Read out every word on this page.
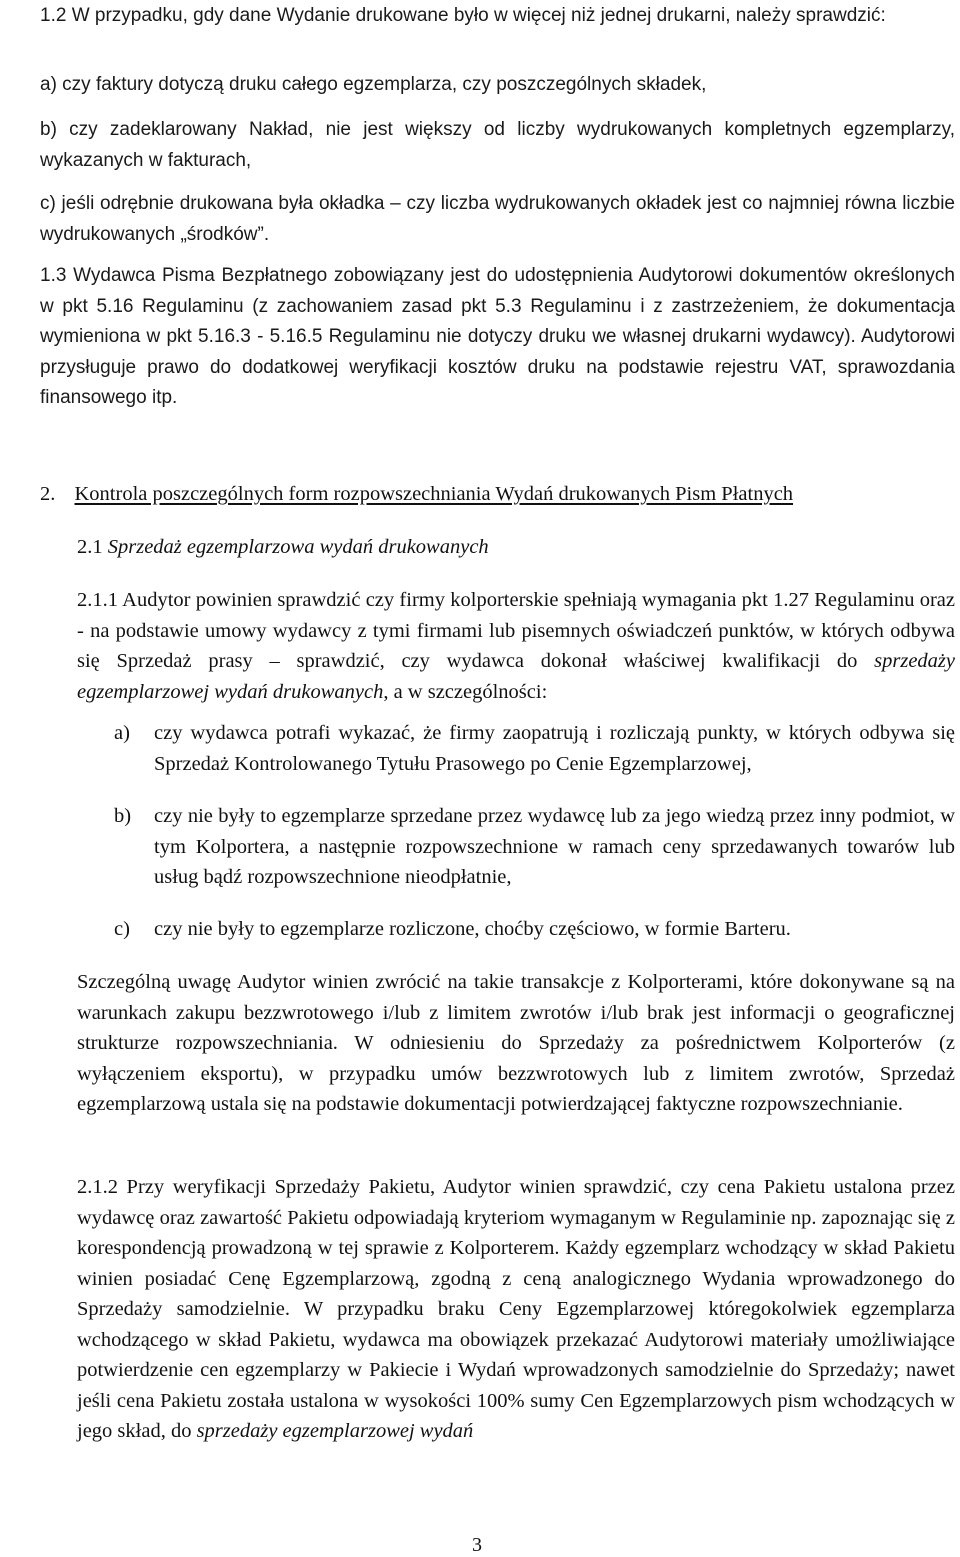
1.2 W przypadku, gdy dane Wydanie drukowane było w więcej niż jednej drukarni, należy sprawdzić:

a) czy faktury dotyczą druku całego egzemplarza, czy poszczególnych składek,

b) czy zadeklarowany Nakład, nie jest większy od liczby wydrukowanych kompletnych egzemplarzy, wykazanych w fakturach,

c) jeśli odrębnie drukowana była okładka – czy liczba wydrukowanych okładek jest co najmniej równa liczbie wydrukowanych „środków”.

1.3 Wydawca Pisma Bezpłatnego zobowiązany jest do udostępnienia Audytorowi dokumentów określonych w pkt 5.16 Regulaminu (z zachowaniem zasad pkt 5.3 Regulaminu i z zastrzeżeniem, że dokumentacja wymieniona w pkt 5.16.3 - 5.16.5 Regulaminu nie dotyczy druku we własnej drukarni wydawcy). Audytorowi przysługuje prawo do dodatkowej weryfikacji kosztów druku na podstawie rejestru VAT, sprawozdania finansowego itp.

2. Kontrola poszczególnych form rozpowszechniania Wydań drukowanych Pism Płatnych
2.1 Sprzedaż egzemplarzowa wydań drukowanych

2.1.1 Audytor powinien sprawdzić czy firmy kolporterskie spełniają wymagania pkt 1.27 Regulaminu oraz - na podstawie umowy wydawcy z tymi firmami lub pisemnych oświadczeń punktów, w których odbywa się Sprzedaż prasy – sprawdzić, czy wydawca dokonał właściwej kwalifikacji do sprzedaży egzemplarzowej wydań drukowanych, a w szczególności:

a) czy wydawca potrafi wykazać, że firmy zaopatrują i rozliczają punkty, w których odbywa się Sprzedaż Kontrolowanego Tytułu Prasowego po Cenie Egzemplarzowej,

b) czy nie były to egzemplarze sprzedane przez wydawcę lub za jego wiedzą przez inny podmiot, w tym Kolportera, a następnie rozpowszechnione w ramach ceny sprzedawanych towarów lub usług bądź rozpowszechnione nieodpłatnie,

c) czy nie były to egzemplarze rozliczone, choćby częściowo, w formie Barteru.

Szczególną uwagę Audytor winien zwrócić na takie transakcje z Kolporterami, które dokonywane są na warunkach zakupu bezzwrotowego i/lub z limitem zwrotów i/lub brak jest informacji o geograficznej strukturze rozpowszechniania. W odniesieniu do Sprzedaży za pośrednictwem Kolporterów (z wyłączeniem eksportu), w przypadku umów bezzwrotowych lub z limitem zwrotów, Sprzedaż egzemplarzową ustala się na podstawie dokumentacji potwierdzającej faktyczne rozpowszechnianie.

2.1.2 Przy weryfikacji Sprzedaży Pakietu, Audytor winien sprawdzić, czy cena Pakietu ustalona przez wydawcę oraz zawartość Pakietu odpowiadają kryteriom wymaganym w Regulaminie np. zapoznając się z korespondencją prowadzoną w tej sprawie z Kolporterem. Każdy egzemplarz wchodzący w skład Pakietu winien posiadać Cenę Egzemplarzową, zgodną z ceną analogicznego Wydania wprowadzonego do Sprzedaży samodzielnie. W przypadku braku Ceny Egzemplarzowej któregokolwiek egzemplarza wchodzącego w skład Pakietu, wydawca ma obowiązek przekazać Audytorowi materiały umożliwiające potwierdzenie cen egzemplarzy w Pakiecie i Wydań wprowadzonych samodzielnie do Sprzedaży; nawet jeśli cena Pakietu została ustalona w wysokości 100% sumy Cen Egzemplarzowych pism wchodzących w jego skład, do sprzedaży egzemplarzowej wydań

3
